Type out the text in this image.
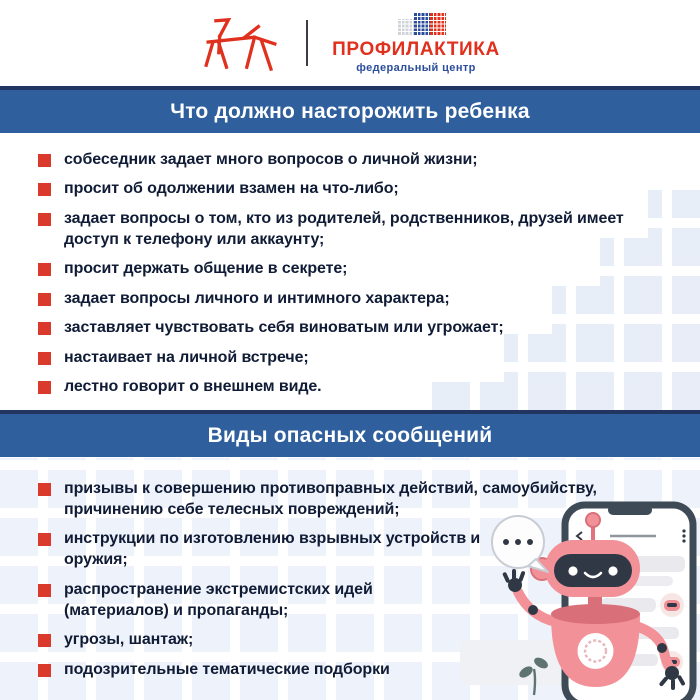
ПРОФИЛАКТИКА
федеральный центр
Что должно насторожить ребенка
собеседник задает много вопросов о личной жизни;
просит об одолжении взамен на что-либо;
задает вопросы о том, кто из родителей, родственников, друзей имеет доступ к телефону или аккаунту;
просит держать общение в секрете;
задает вопросы личного и интимного характера;
заставляет чувствовать себя виноватым или угрожает;
настаивает на личной встрече;
лестно говорит о внешнем виде.
Виды опасных сообщений
призывы к совершению противоправных действий, самоубийству, причинению себе телесных повреждений;
инструкции по изготовлению взрывных устройств и оружия;
распространение экстремистских идей (материалов) и пропаганды;
угрозы, шантаж;
подозрительные тематические подборки
